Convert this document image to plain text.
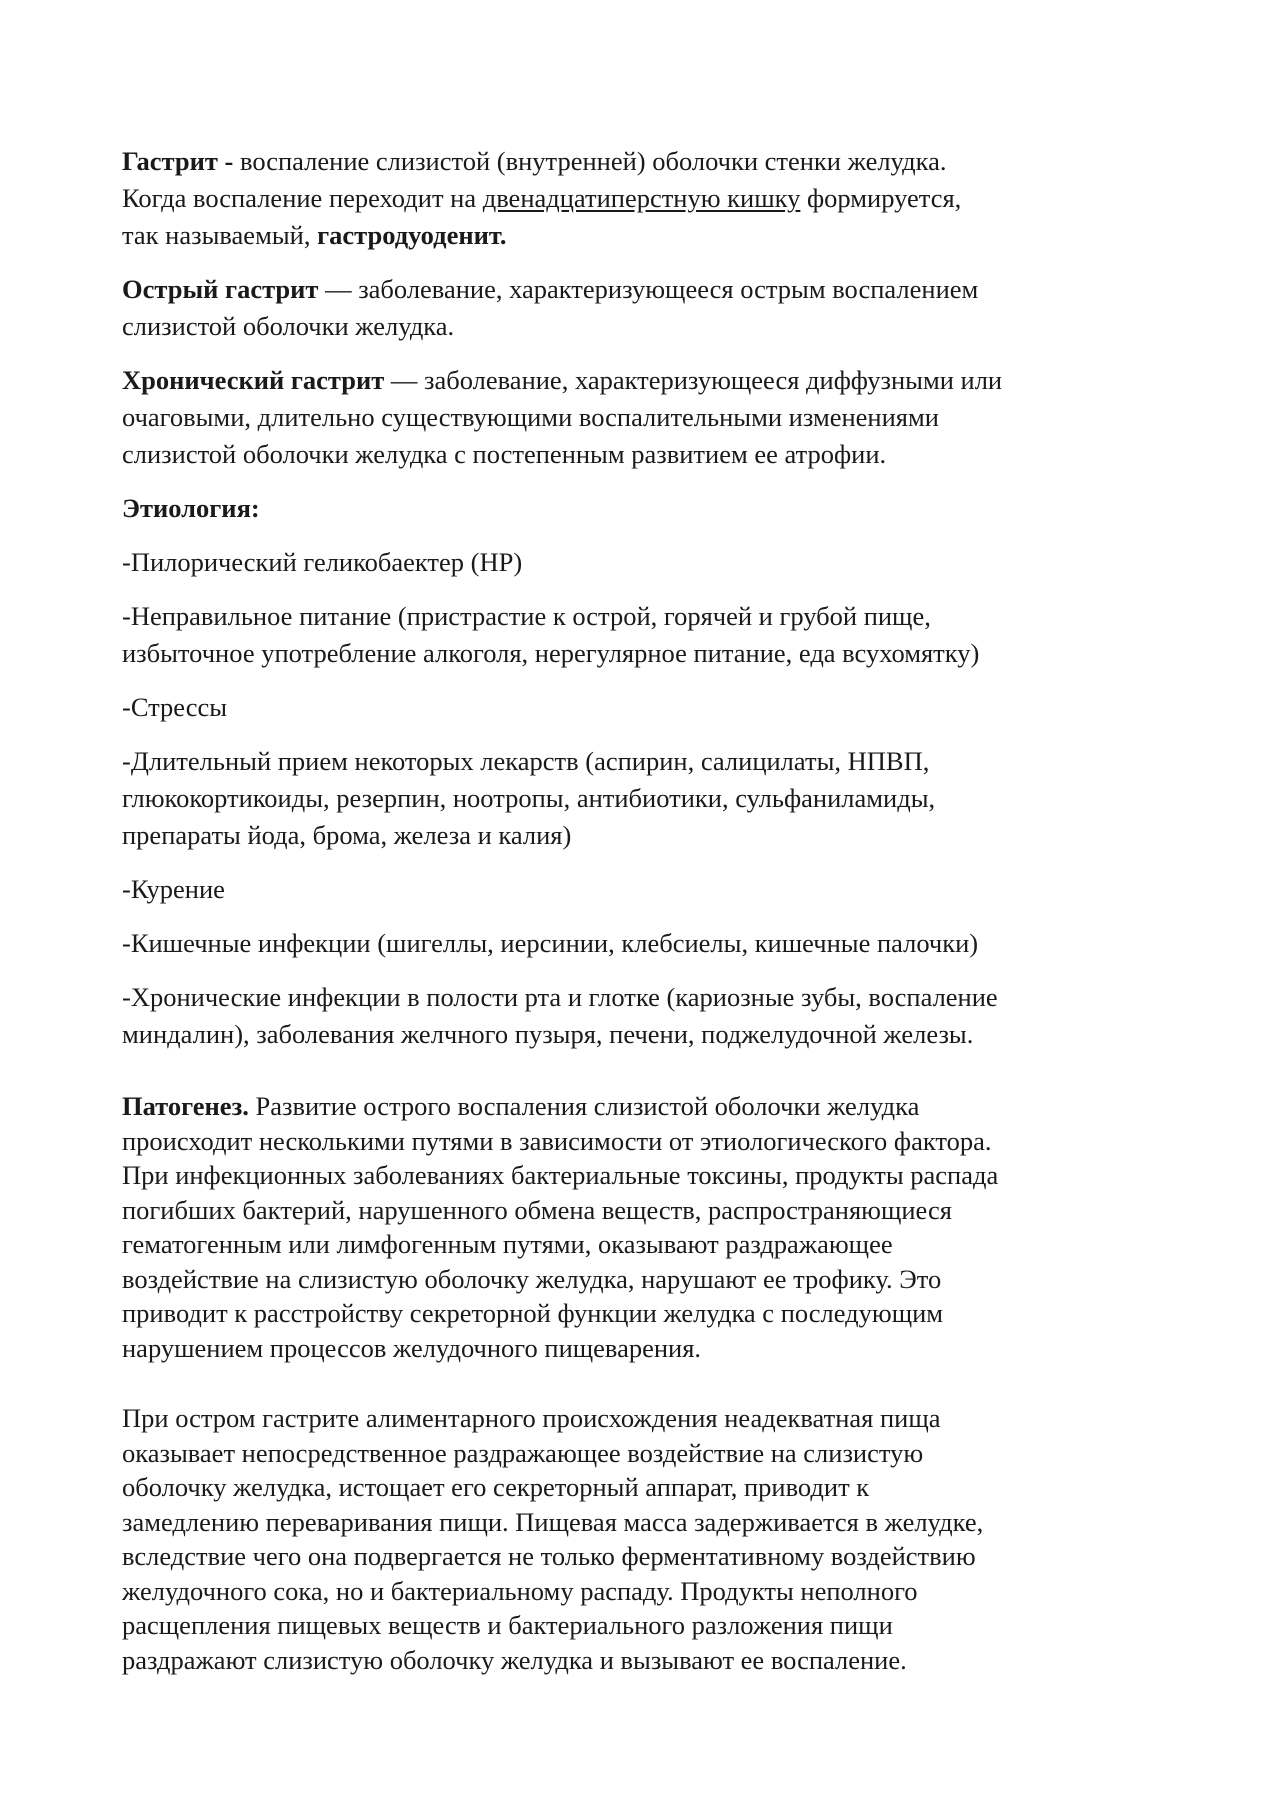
Гастрит - воспаление слизистой (внутренней) оболочки стенки желудка.

Когда воспаление переходит на двенадцатиперстную кишку формируется,

так называемый, гастродуоденит.

Острый гастрит — заболевание, характеризующееся острым воспалением

слизистой оболочки желудка.

Хронический гастрит — заболевание, характеризующееся диффузными или

очаговыми, длительно существующими воспалительными изменениями

слизистой оболочки желудка с постепенным развитием ее атрофии.

Этиология:

-Пилорический геликобаектер (НР)

-Неправильное питание (пристрастие к острой, горячей и грубой пище,

избыточное употребление алкоголя, нерегулярное питание, еда всухомятку)

-Стрессы

-Длительный прием некоторых лекарств (аспирин, салицилаты, НПВП,

глюкокортикоиды, резерпин, ноотропы, антибиотики, сульфаниламиды,

препараты йода, брома, железа и калия)

-Курение

-Кишечные инфекции (шигеллы, иерсинии, клебсиелы, кишечные палочки)

-Хронические инфекции в полости рта и глотке (кариозные зубы, воспаление

миндалин), заболевания желчного пузыря, печени, поджелудочной железы.

Патогенез. Развитие острого воспаления слизистой оболочки желудка

происходит несколькими путями в зависимости от этиологического фактора.

При инфекционных заболеваниях бактериальные токсины, продукты распада

погибших бактерий, нарушенного обмена веществ, распространяющиеся

гематогенным или лимфогенным путями, оказывают раздражающее

воздействие на слизистую оболочку желудка, нарушают ее трофику. Это

приводит к расстройству секреторной функции желудка с последующим

нарушением процессов желудочного пищеварения.

При остром гастрите алиментарного происхождения неадекватная пища

оказывает непосредственное раздражающее воздействие на слизистую

оболочку желудка, истощает его секреторный аппарат, приводит к

замедлению переваривания пищи. Пищевая масса задерживается в желудке,

вследствие чего она подвергается не только ферментативному воздействию

желудочного сока, но и бактериальному распаду. Продукты неполного

расщепления пищевых веществ и бактериального разложения пищи

раздражают слизистую оболочку желудка и вызывают ее воспаление.
